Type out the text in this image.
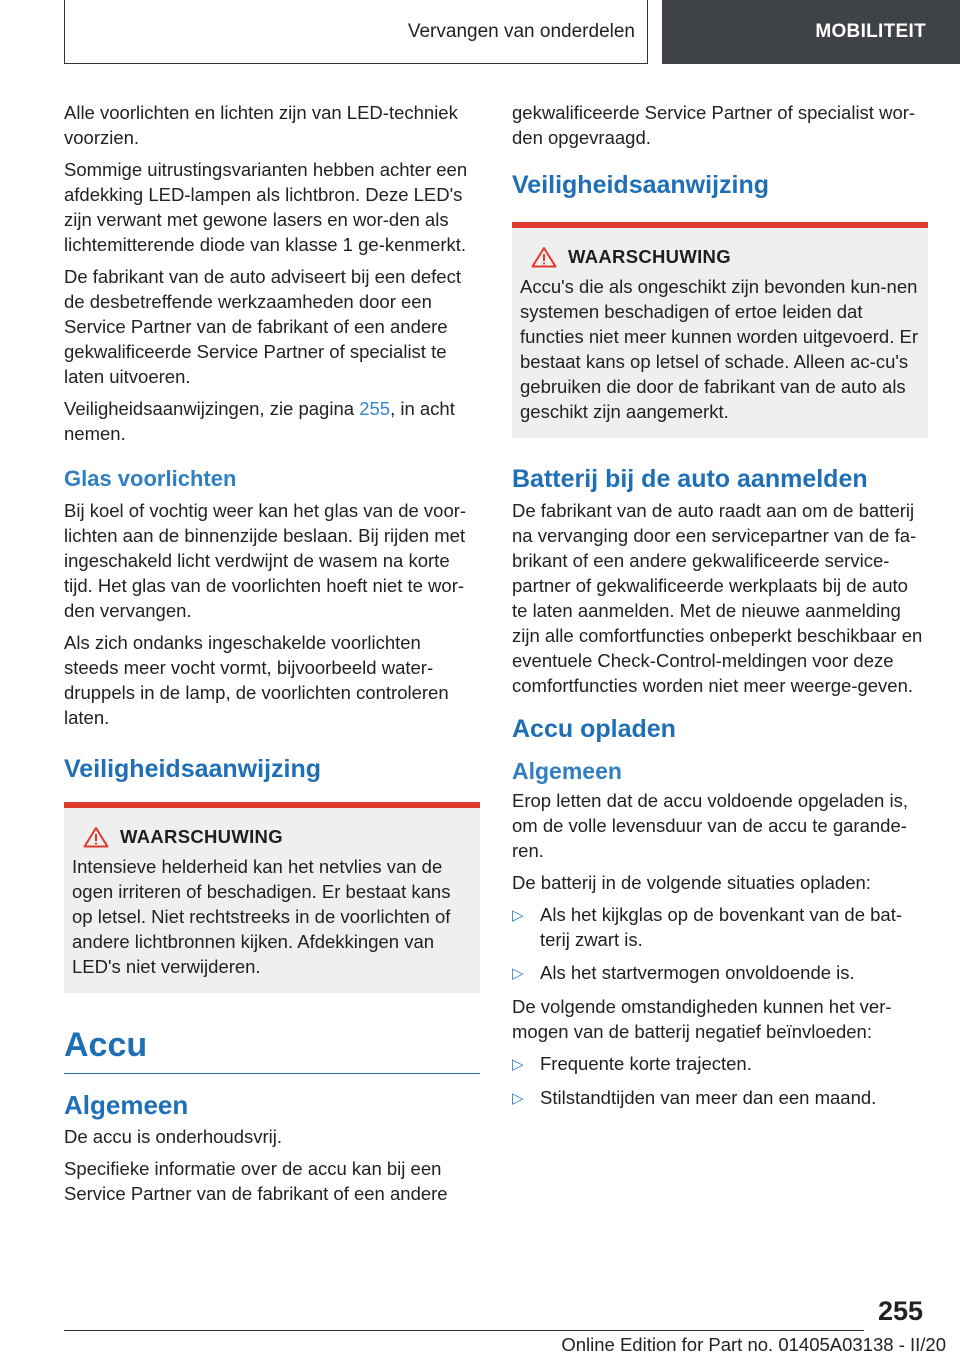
Vervangen van onderdelen	MOBILITEIT

Alle voorlichten en lichten zijn van LED-techniek voorzien.

Sommige uitrustingsvarianten hebben achter een afdekking LED-lampen als lichtbron. Deze LED's zijn verwant met gewone lasers en wor-den als lichtemitterende diode van klasse 1 ge-kenmerkt.

De fabrikant van de auto adviseert bij een defect de desbetreffende werkzaamheden door een Service Partner van de fabrikant of een andere gekwalificeerde Service Partner of specialist te laten uitvoeren.

Veiligheidsaanwijzingen, zie pagina 255, in acht nemen.

Glas voorlichten

Bij koel of vochtig weer kan het glas van de voor-lichten aan de binnenzijde beslaan. Bij rijden met ingeschakeld licht verdwijnt de wasem na korte tijd. Het glas van de voorlichten hoeft niet te wor-den vervangen.

Als zich ondanks ingeschakelde voorlichten steeds meer vocht vormt, bijvoorbeeld water-druppels in de lamp, de voorlichten controleren laten.

Veiligheidsaanwijzing
WAARSCHUWING

Intensieve helderheid kan het netvlies van de ogen irriteren of beschadigen. Er bestaat kans op letsel. Niet rechtstreeks in de voorlichten of andere lichtbronnen kijken. Afdekkingen van LED's niet verwijderen.

Accu
Algemeen

De accu is onderhoudsvrij.

Specifieke informatie over de accu kan bij een Service Partner van de fabrikant of een andere

gekwalificeerde Service Partner of specialist wor-den opgevraagd.

Veiligheidsaanwijzing
WAARSCHUWING

Accu's die als ongeschikt zijn bevonden kun-nen systemen beschadigen of ertoe leiden dat functies niet meer kunnen worden uitgevoerd. Er bestaat kans op letsel of schade. Alleen ac-cu's gebruiken die door de fabrikant van de auto als geschikt zijn aangemerkt.

Batterij bij de auto aanmelden

De fabrikant van de auto raadt aan om de batterij na vervanging door een servicepartner van de fa-brikant of een andere gekwalificeerde service-partner of gekwalificeerde werkplaats bij de auto te laten aanmelden. Met de nieuwe aanmelding zijn alle comfortfuncties onbeperkt beschikbaar en eventuele Check-Control-meldingen voor deze comfortfuncties worden niet meer weerge-geven.

Accu opladen
Algemeen

Erop letten dat de accu voldoende opgeladen is, om de volle levensduur van de accu te garande-ren.

De batterij in de volgende situaties opladen:

▷ Als het kijkglas op de bovenkant van de bat-terij zwart is.
▷ Als het startvermogen onvoldoende is.

De volgende omstandigheden kunnen het ver-mogen van de batterij negatief beïnvloeden:

▷ Frequente korte trajecten.
▷ Stilstandtijden van meer dan een maand.
255
Online Edition for Part no. 01405A03138 - II/20
